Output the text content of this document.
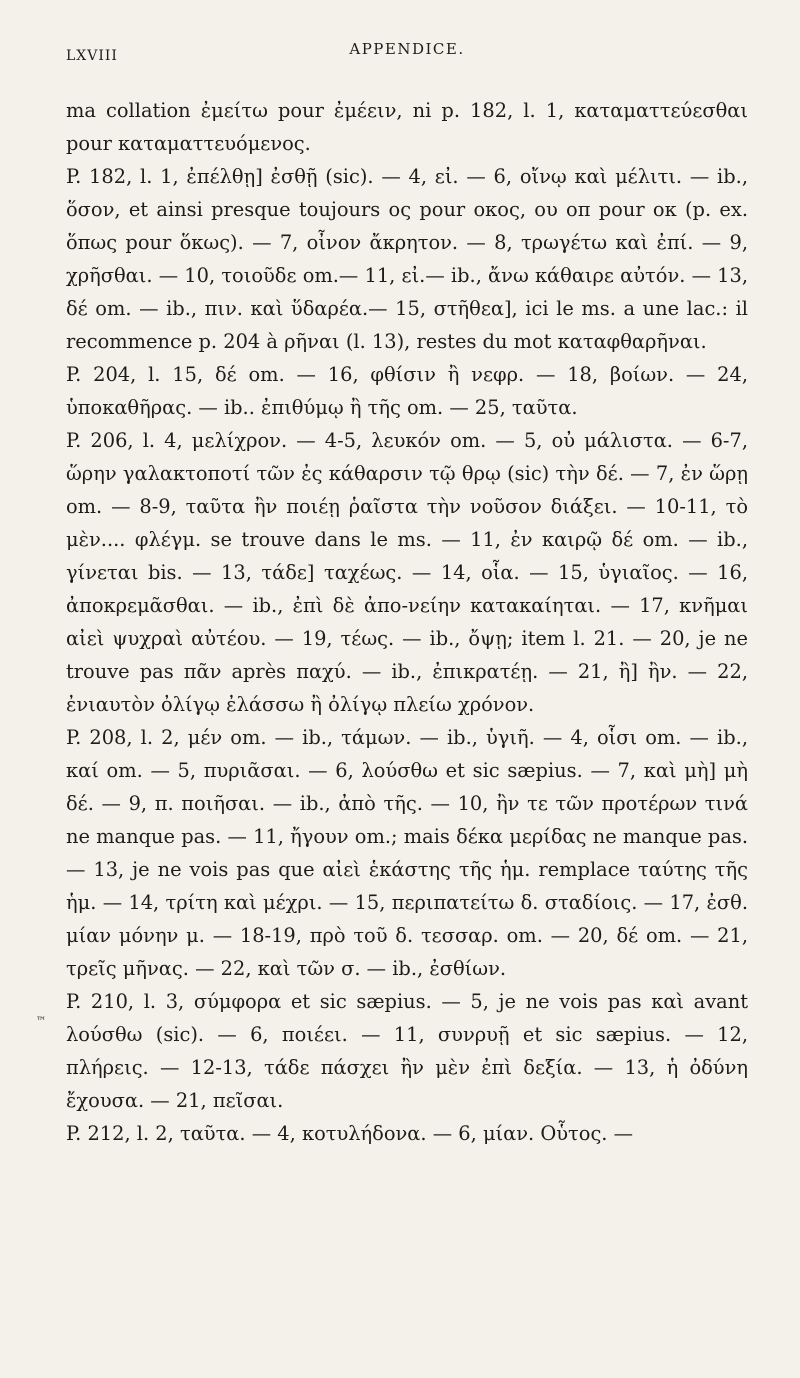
LXVIII	APPENDICE.

ma collation ἐμείτω pour ἐμέειν, ni p. 182, l. 1, καταματτεύεσθαι pour καταματτευόμενος.

P. 182, l. 1, ἐπέλθῃ] ἐσθῇ (sic). — 4, εἰ. — 6, οἴνῳ καὶ μέλιτι. — ib., ὅσον, et ainsi presque toujours ος pour οκος, ου οπ pour οκ (p. ex. ὅπως pour ὅκως). — 7, οἶνον ἄκρητον. — 8, τρωγέτω καὶ ἐπί. — 9, χρῆσθαι. — 10, τοιοῦδε om.— 11, εἰ.— ib., ἄνω κάθαιρε αὐτόν. — 13, δέ om. — ib., πιν. καὶ ὕδαρέα.— 15, στῆθεα], ici le ms. a une lac.: il recommence p. 204 à ρῆναι (l. 13), restes du mot καταφθαρῆναι.

P. 204, l. 15, δέ om. — 16, φθίσιν ἢ νεφρ. — 18, βοίων. — 24, ὑποκαθῆρας. — ib.. ἐπιθύμῳ ἢ τῆς om. — 25, ταῦτα.

P. 206, l. 4, μελίχρον. — 4-5, λευκόν om. — 5, οὐ μάλιστα. — 6-7, ὥρην γαλακτοποτί τῶν ἐς κάθαρσιν τῷ θρῳ (sic) τὴν δέ. — 7, ἐν ὥρῃ om. — 8-9, ταῦτα ἢν ποιέῃ ῥαῖστα τὴν νοῦσον διάξει. — 10-11, τὸ μὲν.... φλέγμ. se trouve dans le ms. — 11, ἐν καιρῷ δέ om. — ib., γίνεται bis. — 13, τάδε] ταχέως. — 14, οἷα. — 15, ὑγιαῖος. — 16, ἀποκρεμᾶσθαι. — ib., ἐπὶ δὲ ἀπο-νείην κατακαίηται. — 17, κνῆμαι αἰεὶ ψυχραὶ αὐτέου. — 19, τέως. — ib., ὄψῃ; item l. 21. — 20, je ne trouve pas πᾶν après παχύ. — ib., ἐπικρατέῃ. — 21, ἢ] ἢν. — 22, ἐνιαυτὸν ὀλίγῳ ἐλάσσω ἢ ὀλίγῳ πλείω χρόνον.

P. 208, l. 2, μέν om. — ib., τάμων. — ib., ὑγιῆ. — 4, οἷσι om. — ib., καί om. — 5, πυριᾶσαι. — 6, λούσθω et sic sæpius. — 7, καὶ μὴ] μὴ δέ. — 9, π. ποιῆσαι. — ib., ἀπὸ τῆς. — 10, ἢν τε τῶν προτέρων τινά ne manque pas. — 11, ἤγουν om.; mais δέκα μερίδας ne manque pas. — 13, je ne vois pas que αἰεὶ ἑκάστης τῆς ἡμ. remplace ταύτης τῆς ἡμ. — 14, τρίτη καὶ μέχρι. — 15, περιπατείτω δ. σταδίοις. — 17, ἐσθ. μίαν μόνην μ. — 18-19, πρὸ τοῦ δ. τεσσαρ. om. — 20, δέ om. — 21, τρεῖς μῆνας. — 22, καὶ τῶν σ. — ib., ἐσθίων.

P. 210, l. 3, σύμφορα et sic sæpius. — 5, je ne vois pas καὶ avant λούσθω (sic). — 6, ποιέει. — 11, συνρυῇ et sic sæpius. — 12, πλήρεις. — 12-13, τάδε πάσχει ἢν μὲν ἐπὶ δεξία. — 13, ἡ ὀδύνη ἔχουσα. — 21, πεῖσαι.

P. 212, l. 2, ταῦτα. — 4, κοτυλήδονα. — 6, μίαν. Οὗτος. —

™
